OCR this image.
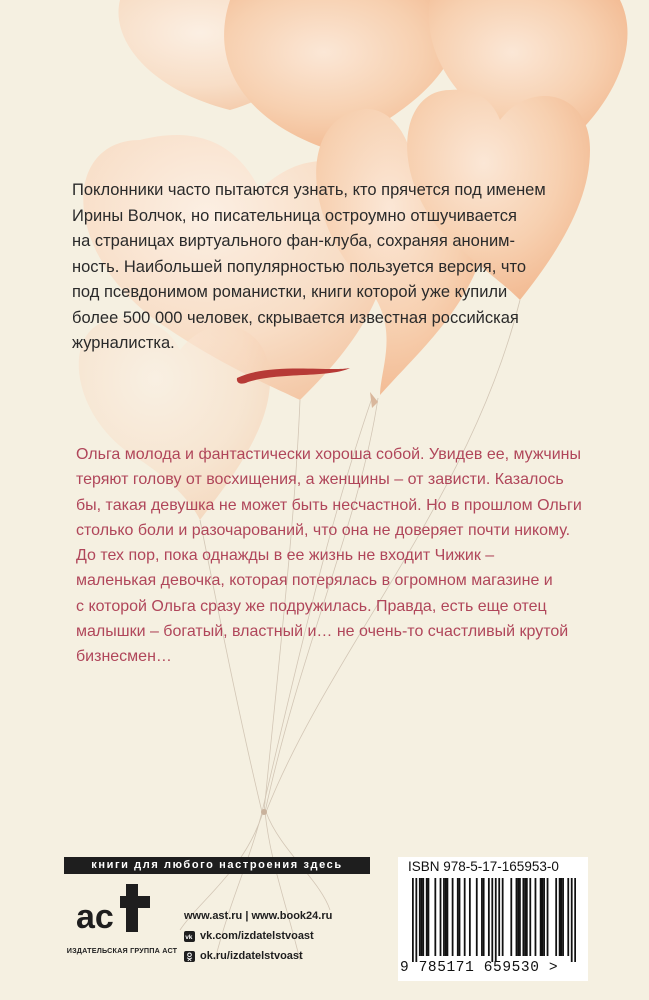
Поклонники часто пытаются узнать, кто прячется под именем
Ирины Волчок, но писательница остроумно отшучивается
на страницах виртуального фан-клуба, сохраняя аноним-
ность. Наибольшей популярностью пользуется версия, что
под псевдонимом романистки, книги которой уже купили
более 500 000 человек, скрывается известная российская
журналистка.
Ольга молода и фантастически хороша собой. Увидев ее, мужчины
теряют голову от восхищения, а женщины – от зависти. Казалось
бы, такая девушка не может быть несчастной. Но в прошлом Ольги
столько боли и разочарований, что она не доверяет почти никому.
До тех пор, пока однажды в ее жизнь не входит Чижик –
маленькая девочка, которая потерялась в огромном магазине и
с которой Ольга сразу же подружилась. Правда, есть еще отец
малышки – богатый, властный и… не очень-то счастливый крутой
бизнесмен…
книги для любого настроения здесь
ac
ИЗДАТЕЛЬСКАЯ ГРУППА АСТ
www.ast.ru | www.book24.ru
vk vk.com/izdatelstvoast
ok.ru/izdatelstvoast
ISBN 978-5-17-165953-0
9 785171 659530 >
